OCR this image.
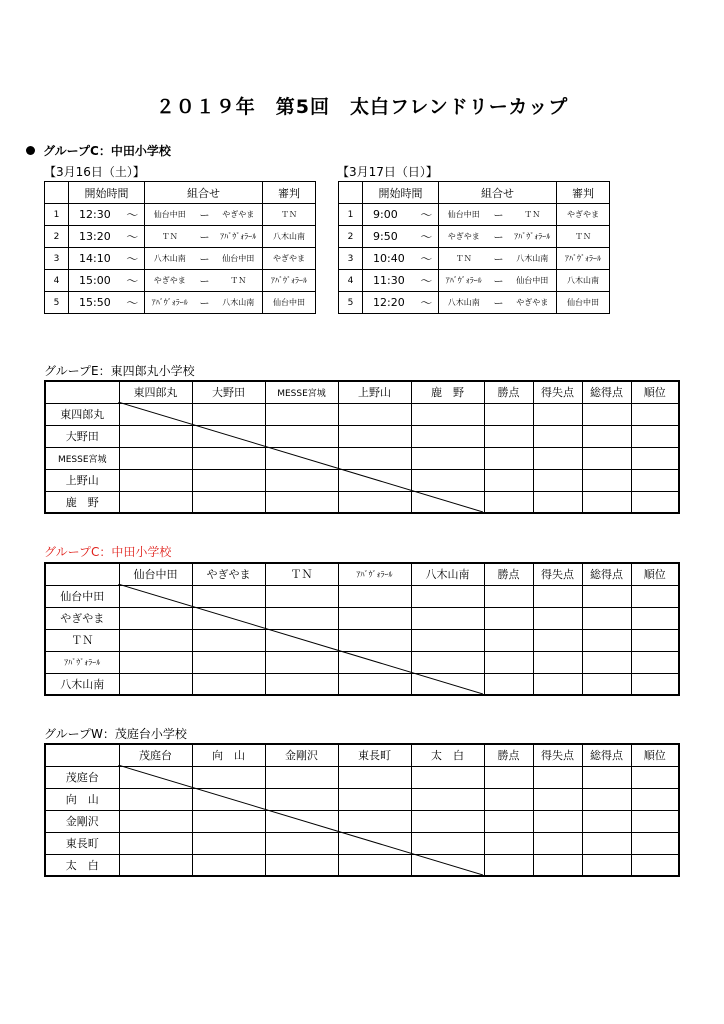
２０１９年　第5回　太白フレンドリーカップ
グループC：中田小学校
【3月16日（土）】	【3月17日（日）】
	開始時間		組合せ			審判
1	12:30	～	仙台中田	ー	やぎやま	ＴＮ
2	13:20	～	ＴＮ	ー	ｱﾊﾞｳﾞｫﾗｰﾙ	八木山南
3	14:10	～	八木山南	ー	仙台中田	やぎやま
4	15:00	～	やぎやま	ー	ＴＮ	ｱﾊﾞｳﾞｫﾗｰﾙ
5	15:50	～	ｱﾊﾞｳﾞｫﾗｰﾙ	ー	八木山南	仙台中田
	開始時間		組合せ			審判
1	9:00	～	仙台中田	ー	ＴＮ	やぎやま
2	9:50	～	やぎやま	ー	ｱﾊﾞｳﾞｫﾗｰﾙ	ＴＮ
3	10:40	～	ＴＮ	ー	八木山南	ｱﾊﾞｳﾞｫﾗｰﾙ
4	11:30	～	ｱﾊﾞｳﾞｫﾗｰﾙ	ー	仙台中田	八木山南
5	12:20	～	八木山南	ー	やぎやま	仙台中田
グループE：東四郎丸小学校
	東四郎丸	大野田	MESSE宮城	上野山	鹿　野	勝点	得失点	総得点	順位
東四郎丸									
大野田									
MESSE宮城									
上野山									
鹿　野									
グループC：中田小学校
	仙台中田	やぎやま	ＴＮ	ｱﾊﾞｳﾞｫﾗｰﾙ	八木山南	勝点	得失点	総得点	順位
仙台中田									
やぎやま									
ＴＮ									
ｱﾊﾞｳﾞｫﾗｰﾙ									
八木山南									
グループW：茂庭台小学校
	茂庭台	向　山	金剛沢	東長町	太　白	勝点	得失点	総得点	順位
茂庭台									
向　山									
金剛沢									
東長町									
太　白									
